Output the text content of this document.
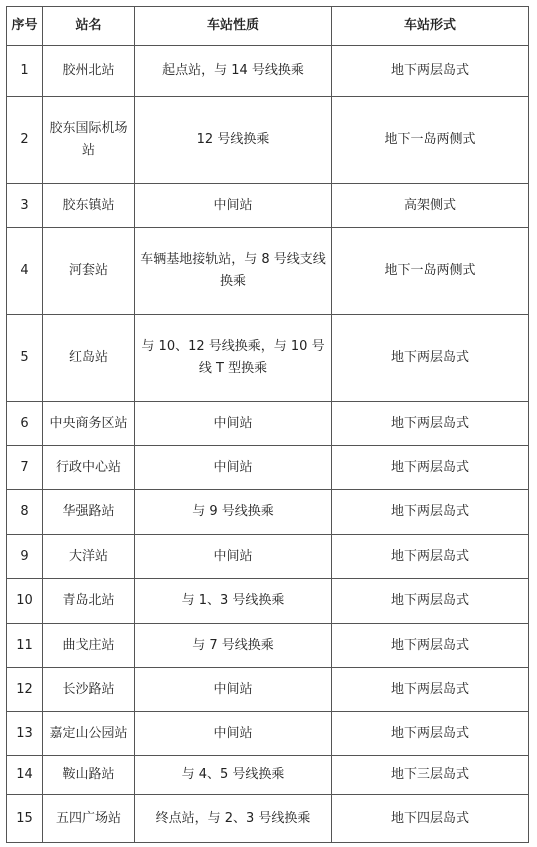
序号	站名	车站性质	车站形式
1	胶州北站	起点站，与 14 号线换乘	地下两层岛式
2	胶东国际机场站	12 号线换乘	地下一岛两侧式
3	胶东镇站	中间站	高架侧式
4	河套站	车辆基地接轨站，与 8 号线支线换乘	地下一岛两侧式
5	红岛站	与 10、12 号线换乘，与 10 号线 T 型换乘	地下两层岛式
6	中央商务区站	中间站	地下两层岛式
7	行政中心站	中间站	地下两层岛式
8	华强路站	与 9 号线换乘	地下两层岛式
9	大洋站	中间站	地下两层岛式
10	青岛北站	与 1、3 号线换乘	地下两层岛式
11	曲戈庄站	与 7 号线换乘	地下两层岛式
12	长沙路站	中间站	地下两层岛式
13	嘉定山公园站	中间站	地下两层岛式
14	鞍山路站	与 4、5 号线换乘	地下三层岛式
15	五四广场站	终点站，与 2、3 号线换乘	地下四层岛式
